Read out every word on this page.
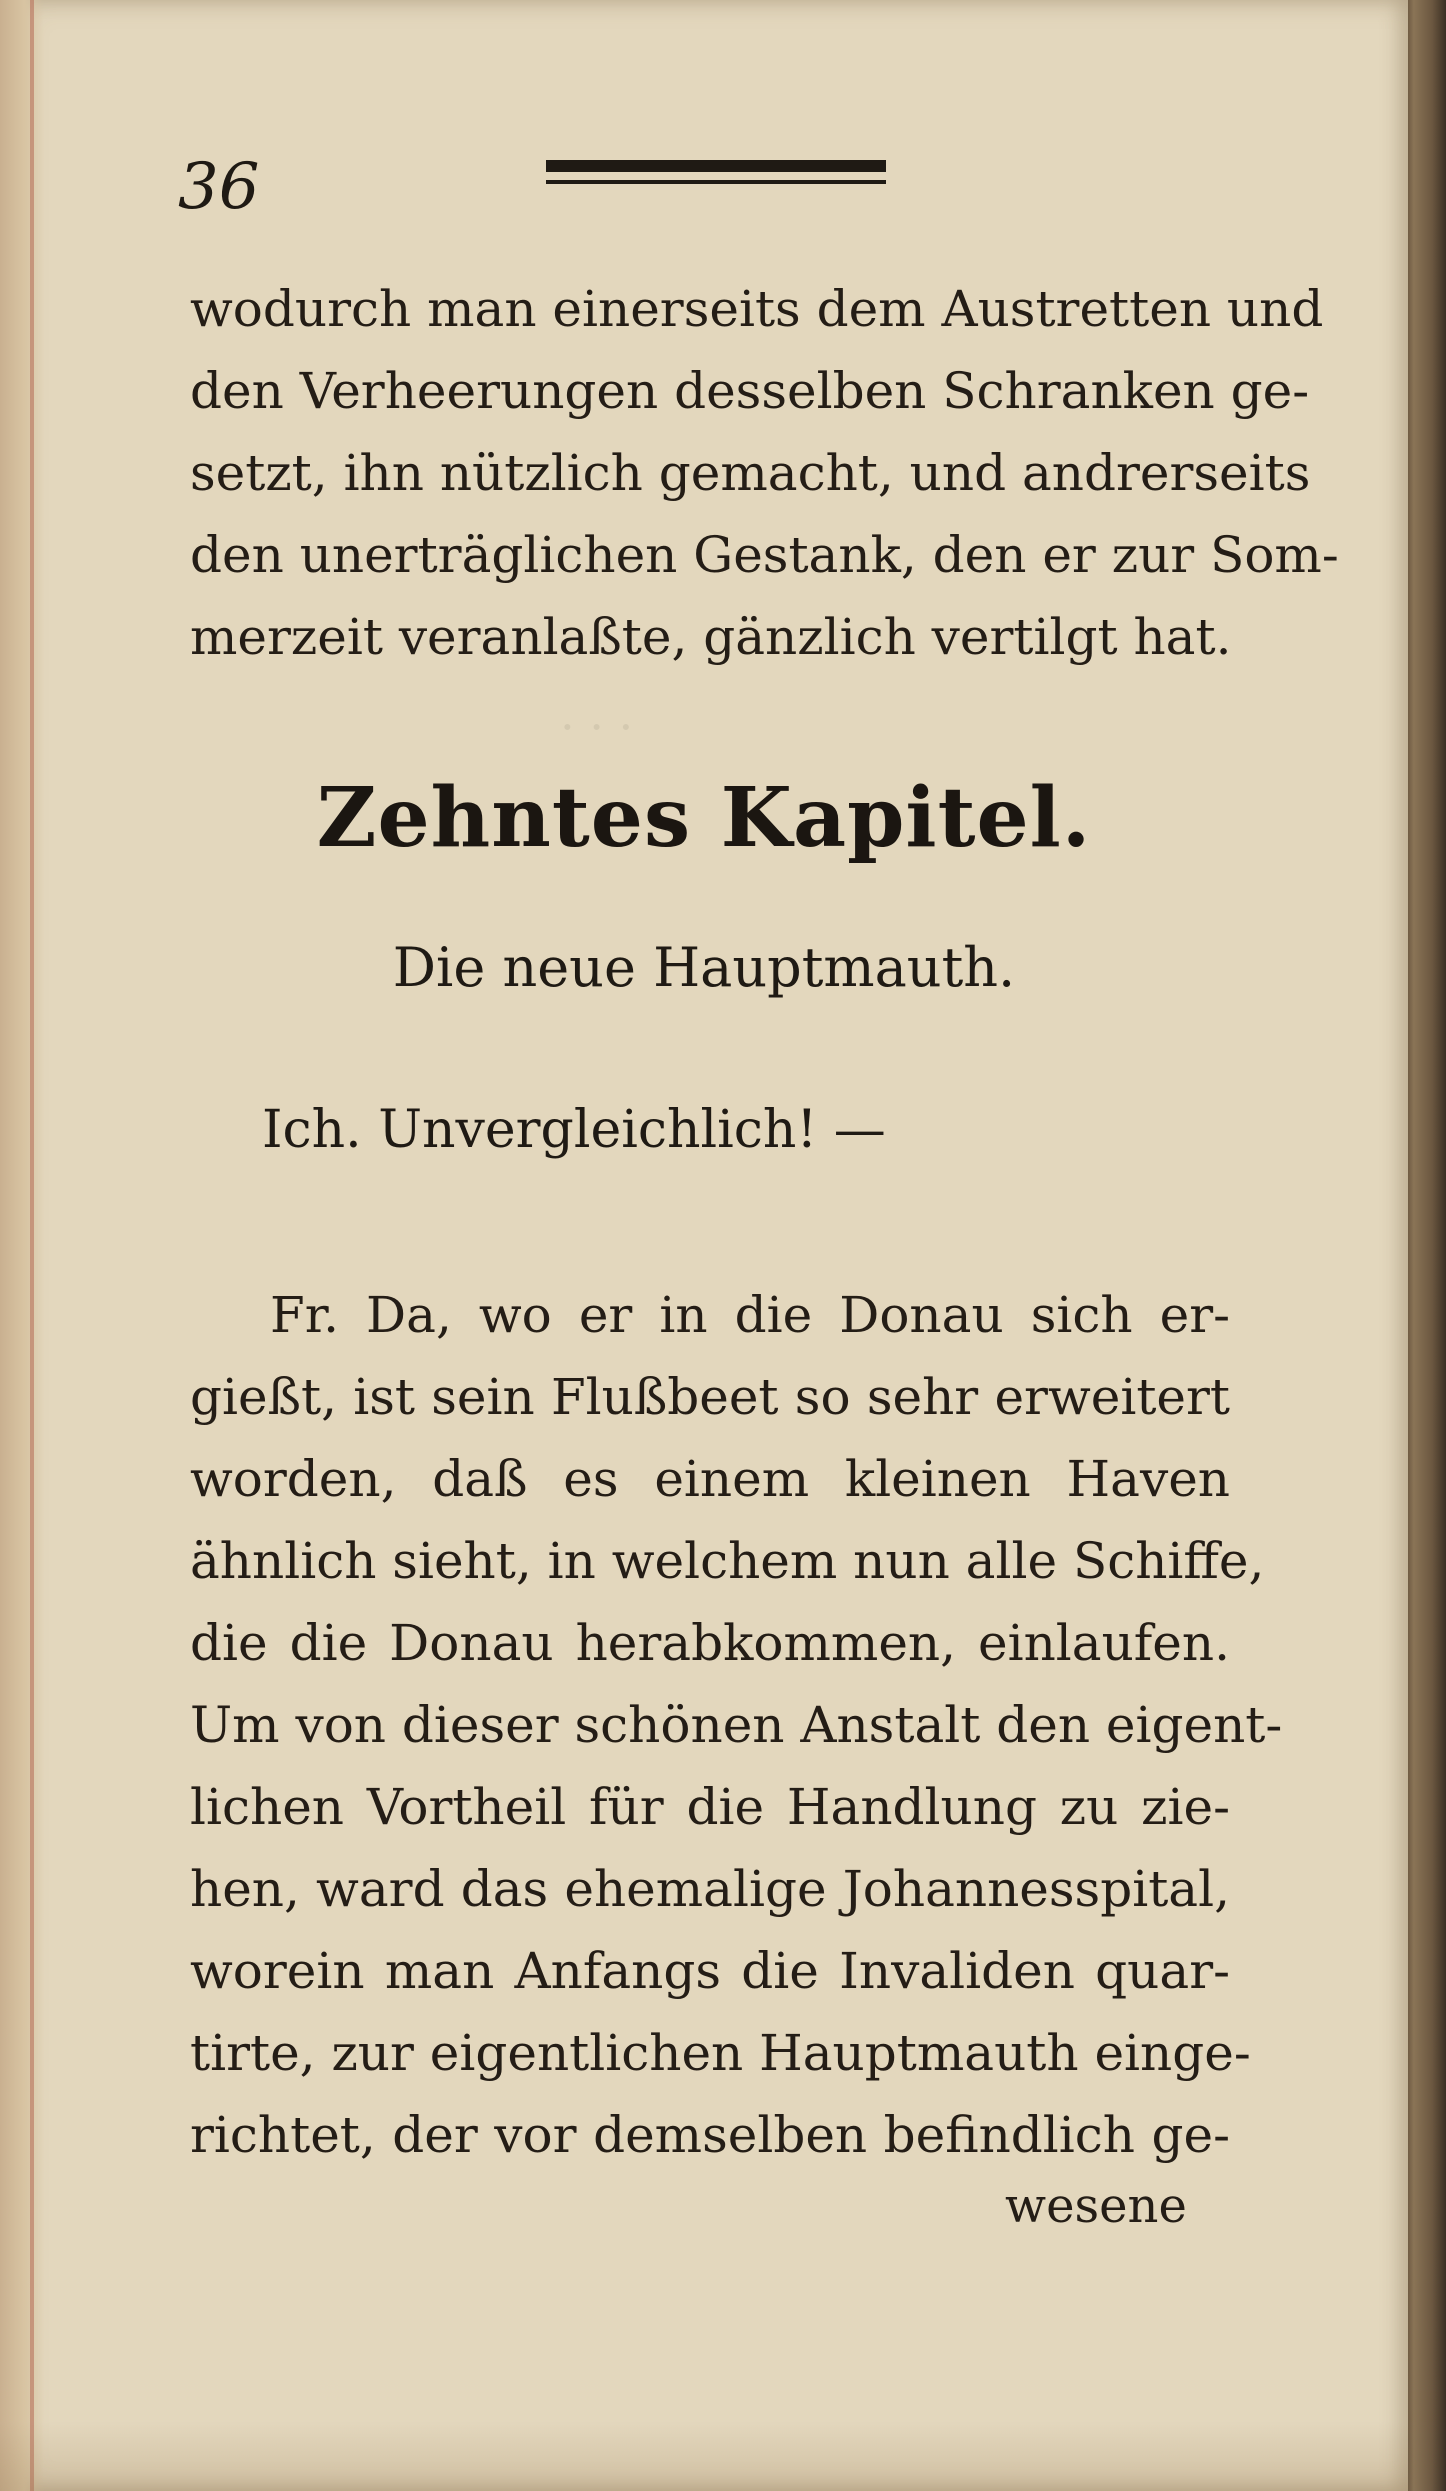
· · ·
36
wodurch man einerseits dem Austretten und
den Verheerungen desselben Schranken ge-
setzt, ihn nützlich gemacht, und andrerseits
den unerträglichen Gestank, den er zur Som-
merzeit veranlaßte, gänzlich vertilgt hat.
Zehntes Kapitel.
Die neue Hauptmauth.
Ich. Unvergleichlich! —
Fr. Da, wo er in die Donau sich er-
gießt, ist sein Flußbeet so sehr erweitert
worden, daß es einem kleinen Haven
ähnlich sieht, in welchem nun alle Schiffe,
die die Donau herabkommen, einlaufen.
Um von dieser schönen Anstalt den eigent-
lichen Vortheil für die Handlung zu zie-
hen, ward das ehemalige Johannesspital,
worein man Anfangs die Invaliden quar-
tirte, zur eigentlichen Hauptmauth einge-
richtet, der vor demselben befindlich ge-
wesene
